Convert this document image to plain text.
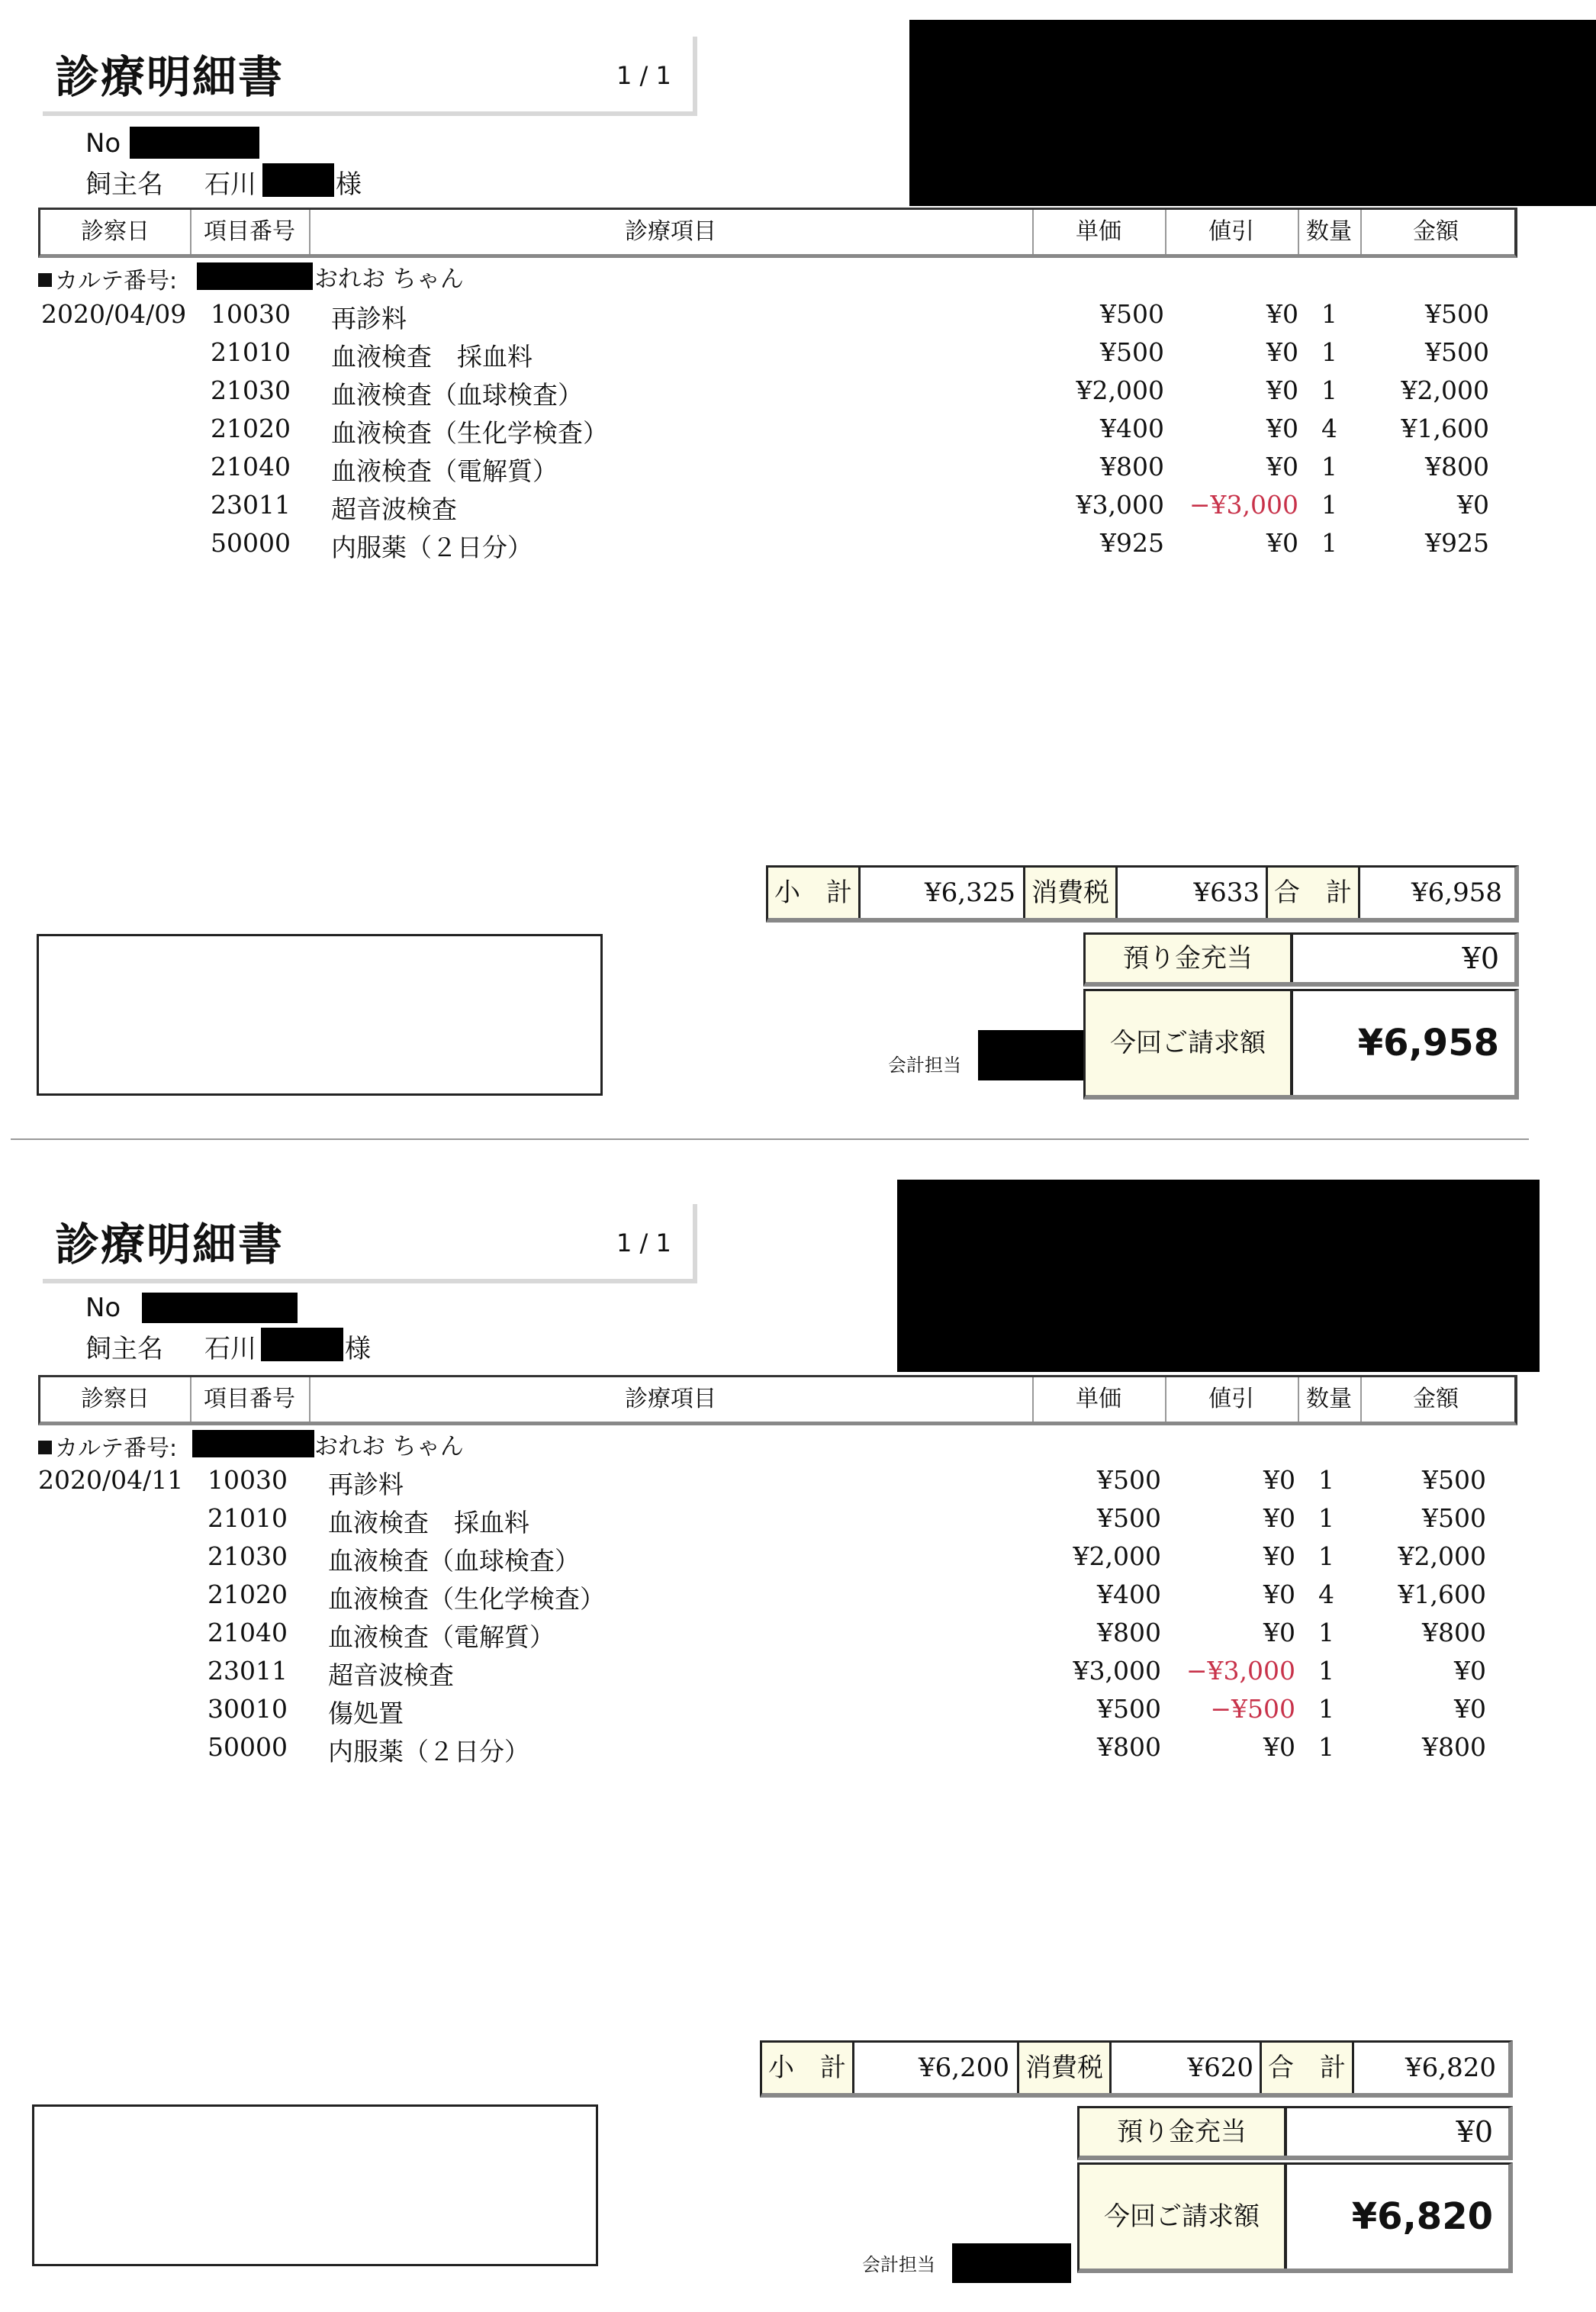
診療明細書	1 / 1
No
飼主名 石川	様
診察日	項目番号	診療項目	単価	値引	数量	金額
カルテ番号:	おれお ちゃん
2020/04/09 10030 再診料	¥500	¥0 1	¥500
21010 血液検査　採血料	¥500	¥0 1	¥500
21030 血液検査（血球検査）	¥2,000	¥0 1	¥2,000
21020 血液検査（生化学検査）	¥400	¥0 4	¥1,600
21040 血液検査（電解質）	¥800	¥0 1	¥800
23011 超音波検査	¥3,000 −¥3,000 1	¥0
50000 内服薬（２日分）	¥925	¥0 1	¥925
小　計	¥6,325 消費税	¥633 合　計	¥6,958
預り金充当	¥0
今回ご請求額	¥6,958
会計担当
診療明細書	1 / 1
No
飼主名 石川	様
診察日	項目番号	診療項目	単価	値引	数量	金額
カルテ番号:	おれお ちゃん
2020/04/11 10030 再診料	¥500	¥0 1	¥500
21010 血液検査　採血料	¥500	¥0 1	¥500
21030 血液検査（血球検査）	¥2,000	¥0 1	¥2,000
21020 血液検査（生化学検査）	¥400	¥0 4	¥1,600
21040 血液検査（電解質）	¥800	¥0 1	¥800
23011 超音波検査	¥3,000 −¥3,000 1	¥0
30010 傷処置	¥500	−¥500 1	¥0
50000 内服薬（２日分）	¥800	¥0 1	¥800
小　計	¥6,200 消費税	¥620 合　計	¥6,820
預り金充当	¥0
今回ご請求額	¥6,820
会計担当
